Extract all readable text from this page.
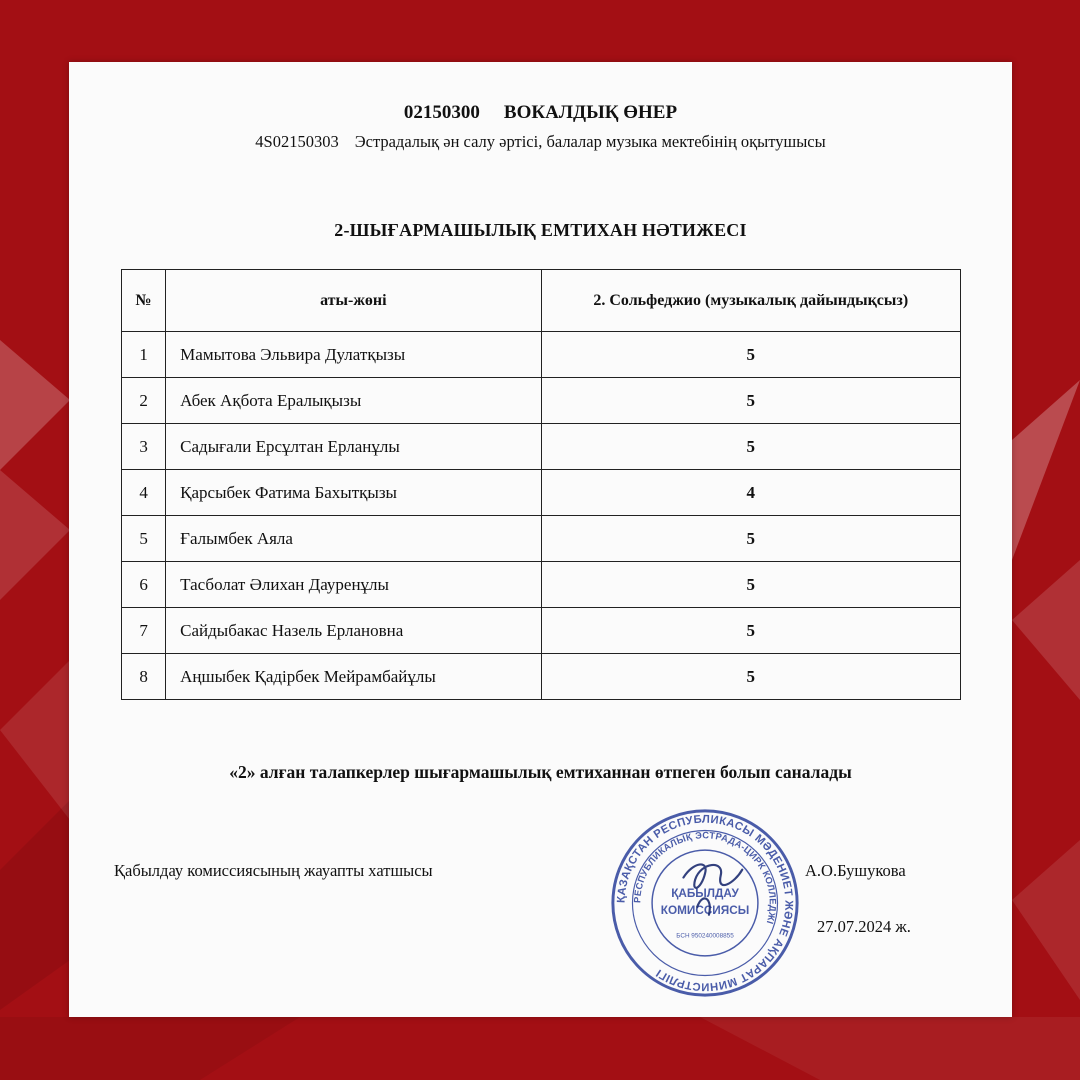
02150300 ВОКАЛДЫҚ ӨНЕР
4S02150303 Эстрадалық ән салу әртісі, балалар музыка мектебінің оқытушысы
2-ШЫҒАРМАШЫЛЫҚ ЕМТИХАН НӘТИЖЕСІ
№	аты-жөні	2. Сольфеджио (музыкалық дайындықсыз)
1	Мамытова Эльвира Дулатқызы	5
2	Абек Ақбота Ералықызы	5
3	Садығали Ерсұлтан Ерланұлы	5
4	Қарсыбек Фатима Бахытқызы	4
5	Ғалымбек Аяла	5
6	Тасболат Әлихан Дауренұлы	5
7	Сайдыбакас Назель Ерлановна	5
8	Аңшыбек Қадірбек Мейрамбайұлы	5
«2» алған талапкерлер шығармашылық емтиханнан өтпеген болып саналады
Қабылдау комиссиясының жауапты хатшысы
ҚАЗАҚСТАН РЕСПУБЛИКАСЫ МӘДЕНИЕТ ЖӘНЕ АҚПАРАТ МИНИСТРЛІГІ
РЕСПУБЛИКАЛЫҚ ЭСТРАДА-ЦИРК КОЛЛЕДЖІ
ҚАБЫЛДАУ
КОМИССИЯСЫ
БСН 950240008855
А.О.Бушукова
27.07.2024 ж.
